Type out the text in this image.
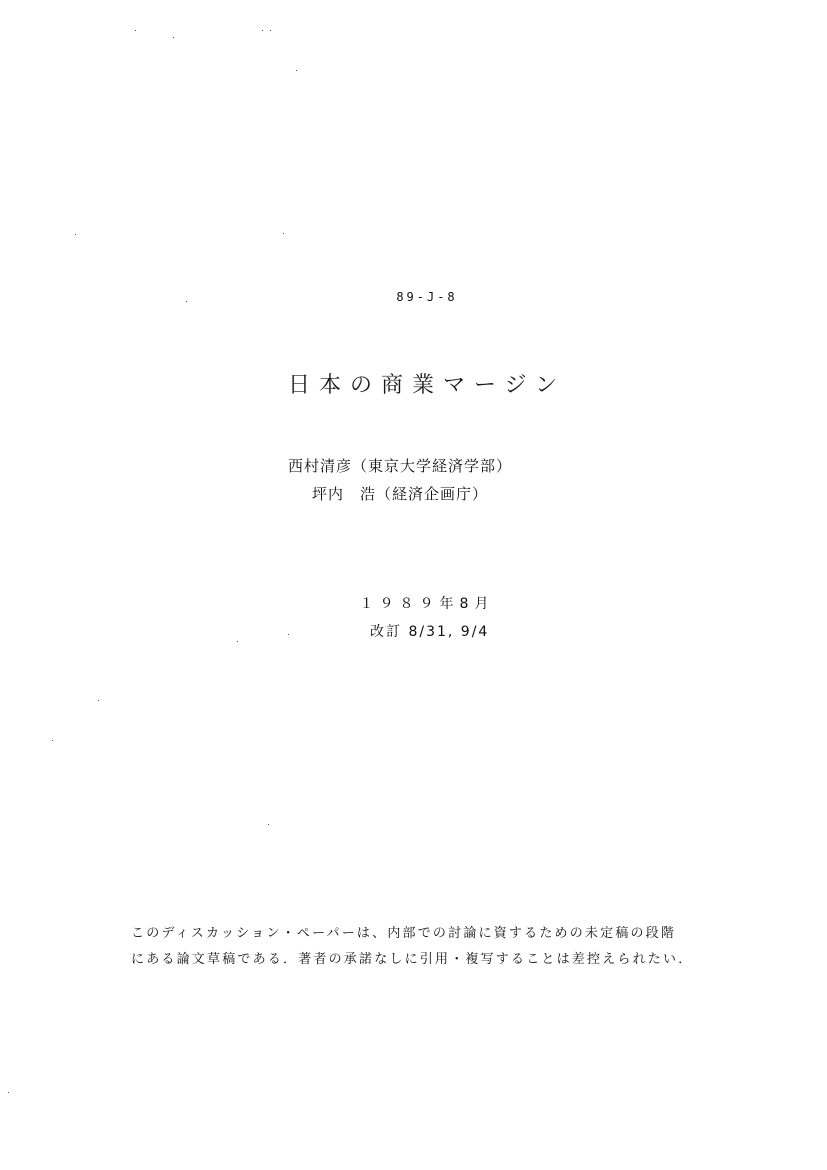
89-J-8
日本の商業マージン
西村清彦（東京大学経済学部）
坪内　浩（経済企画庁）
１９８９年8月
改訂 8/31, 9/4
このディスカッション・ペーパーは、内部での討論に資するための未定稿の段階
にある論文草稿である．著者の承諾なしに引用・複写することは差控えられたい．
